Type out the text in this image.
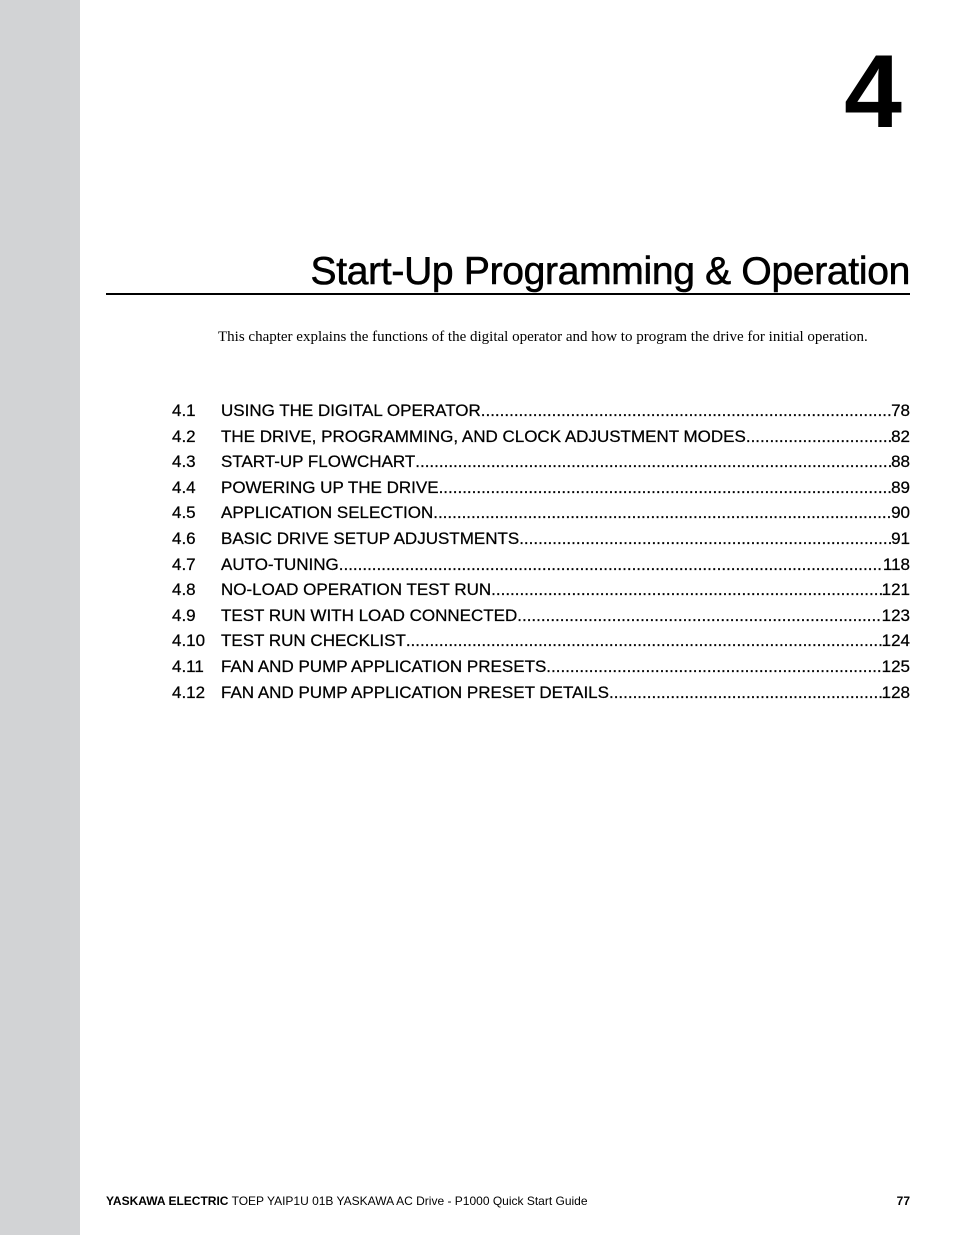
4
Start-Up Programming & Operation

This chapter explains the functions of the digital operator and how to program the drive for initial operation.

4.1	USING THE DIGITAL OPERATOR .....	78
4.2	THE DRIVE, PROGRAMMING, AND CLOCK ADJUSTMENT MODES .....	82
4.3	START-UP FLOWCHART .....	88
4.4	POWERING UP THE DRIVE .....	89
4.5	APPLICATION SELECTION .....	90
4.6	BASIC DRIVE SETUP ADJUSTMENTS .....	91
4.7	AUTO-TUNING .....	118
4.8	NO-LOAD OPERATION TEST RUN .....	121
4.9	TEST RUN WITH LOAD CONNECTED .....	123
4.10 TEST RUN CHECKLIST .....	124
4.11	FAN AND PUMP APPLICATION PRESETS .....	125
4.12 FAN AND PUMP APPLICATION PRESET DETAILS .....	128
YASKAWA ELECTRIC TOEP YAIP1U 01B YASKAWA AC Drive - P1000 Quick Start Guide	77
